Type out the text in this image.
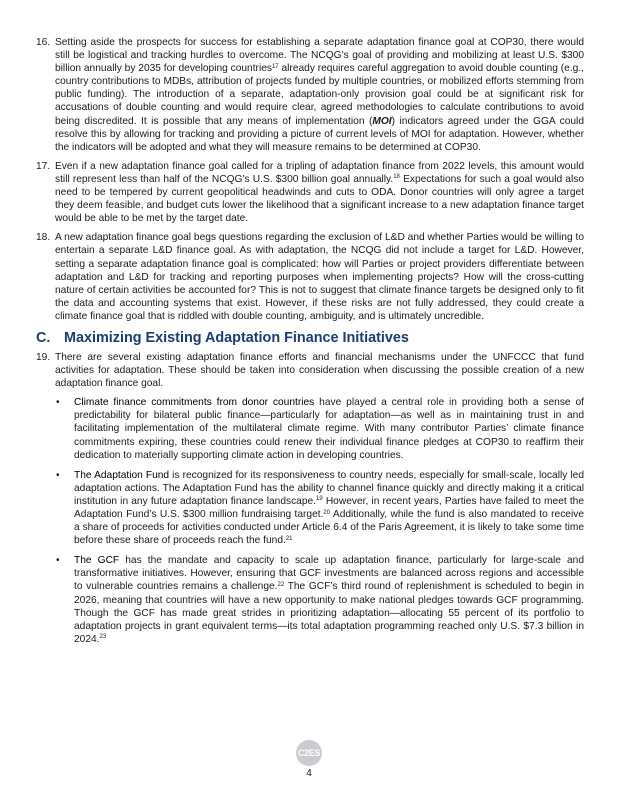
16. Setting aside the prospects for success for establishing a separate adaptation finance goal at COP30, there would still be logistical and tracking hurdles to overcome. The NCQG’s goal of providing and mobilizing at least U.S. $300 billion annually by 2035 for developing countries$^{17}$ already requires careful aggregation to avoid double counting (e.g., country contributions to MDBs, attribution of projects funded by multiple countries, or mobilized efforts stemming from public funding). The introduction of a separate, adaptation-only provision goal could be at significant risk for accusations of double counting and would require clear, agreed methodologies to calculate contributions to avoid being discredited. It is possible that any means of implementation (MOI) indicators agreed under the GGA could resolve this by allowing for tracking and providing a picture of current levels of MOI for adaptation. However, whether the indicators will be adopted and what they will measure remains to be determined at COP30.

17. Even if a new adaptation finance goal called for a tripling of adaptation finance from 2022 levels, this amount would still represent less than half of the NCQG’s U.S. $300 billion goal annually.$^{18}$ Expectations for such a goal would also need to be tempered by current geopolitical headwinds and cuts to ODA. Donor countries will only agree a target they deem feasible, and budget cuts lower the likelihood that a significant increase to a new adaptation finance target would be able to be met by the target date.

18. A new adaptation finance goal begs questions regarding the exclusion of L&D and whether Parties would be willing to entertain a separate L&D finance goal. As with adaptation, the NCQG did not include a target for L&D. However, setting a separate adaptation finance goal is complicated: how will Parties or project providers differentiate between adaptation and L&D for tracking and reporting purposes when implementing projects? How will the cross-cutting nature of certain activities be accounted for? This is not to suggest that climate finance targets be designed only to fit the data and accounting systems that exist. However, if these risks are not fully addressed, they could create a climate finance goal that is riddled with double counting, ambiguity, and is ultimately uncredible.

C. Maximizing Existing Adaptation Finance Initiatives

19. There are several existing adaptation finance efforts and financial mechanisms under the UNFCCC that fund activities for adaptation. These should be taken into consideration when discussing the possible creation of a new adaptation finance goal.

• Climate finance commitments from donor countries have played a central role in providing both a sense of predictability for bilateral public finance—particularly for adaptation—as well as in maintaining trust in and facilitating implementation of the multilateral climate regime. With many contributor Parties’ climate finance commitments expiring, these countries could renew their individual finance pledges at COP30 to reaffirm their dedication to materially supporting climate action in developing countries.
• The Adaptation Fund is recognized for its responsiveness to country needs, especially for small-scale, locally led adaptation actions. The Adaptation Fund has the ability to channel finance quickly and directly making it a critical institution in any future adaptation finance landscape.$^{19}$ However, in recent years, Parties have failed to meet the Adaptation Fund’s U.S. $300 million fundraising target.$^{20}$ Additionally, while the fund is also mandated to receive a share of proceeds for activities conducted under Article 6.4 of the Paris Agreement, it is likely to take some time before these share of proceeds reach the fund.$^{21}$
• The GCF has the mandate and capacity to scale up adaptation finance, particularly for large-scale and transformative initiatives. However, ensuring that GCF investments are balanced across regions and accessible to vulnerable countries remains a challenge.$^{22}$ The GCF’s third round of replenishment is scheduled to begin in 2026, meaning that countries will have a new opportunity to make national pledges towards GCF programming. Though the GCF has made great strides in prioritizing adaptation—allocating 55 percent of its portfolio to adaptation projects in grant equivalent terms—its total adaptation programming reached only U.S. $7.3 billion in 2024.23
C2ES
4
